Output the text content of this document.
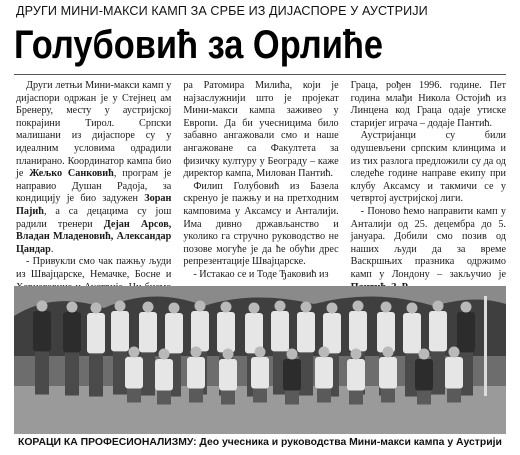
ДРУГИ МИНИ-МАКСИ КАМП ЗА СРБЕ ИЗ ДИЈАСПОРЕ У АУСТРИЈИ
Голубовић за Орлиће

Други летњи Мини-макси камп у дијаспори одржан је у Стејнец ам Бренеру, месту у аустријској покрајини Тирол. Српски малишани из дијаспоре су у идеалним условима одрадили планирано. Координатор кампа био је Жељко Санковић, програм је направио Душан Радоја, за кондицију је био задужен Зоран Пајић, а са децацима су још радили тренери Дејан Арсов, Владан Младеновић, Александар Цандар.

- Привукли смо чак пажњу људи из Швајцарске, Немачке, Босне и

ра Ратомира Милића, који је најзаслужнији што је пројекат Мини-макси кампа заживео у Европи. Да би учесницима било забавно ангажовали смо и наше ангажоване са Факултета за физичку културу у Београду – каже директор кампа, Милован Пантић.

Филип Голубовић из Базела скренуо је пажњу и на претходним камповима у Аксамсу и Анталији. Има дивно држављанство и уколико га стручно руководство не позове могуће је да ће обући дрес репрезентације Швајцарске.

- Истакао се и Тоде Ђаковић из

Граца, рођен 1996. године. Пет година млађи Никола Остојић из Линцена код Граца одаје утиске старијег играча – додаје Пантић.

Аустријанци су били одушевљени српским клинцима и из тих разлога предложили су да од следеће године направе екипу при клубу Аксамсу и такмичи се у четвртој аустријској лиги.

- Поново ћемо направити камп у Анталији од 25. децембра до 5. јануара. Добили смо позив од наших људи да за време Васкршњих празника одржимо камп у Лондону – закључио је

КОРАЦИ КА ПРОФЕСИОНАЛИЗМУ: Део учесника и руководства Мини-макси кампа у Аустрији
